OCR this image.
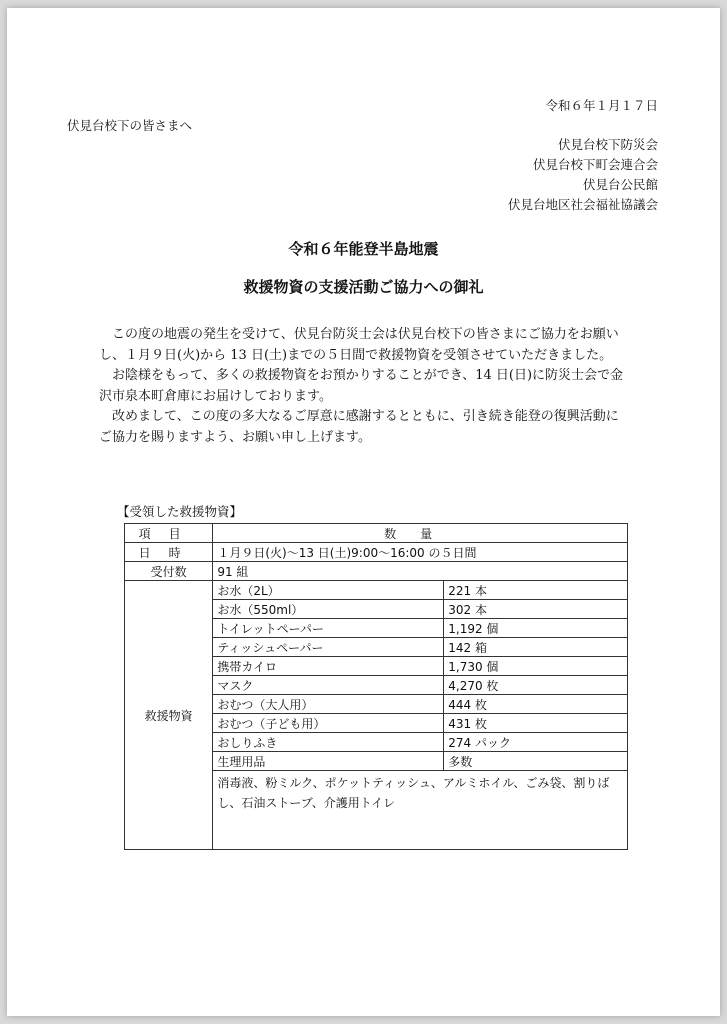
令和６年１月１７日
伏見台校下の皆さまへ
伏見台校下防災会
伏見台校下町会連合会
伏見台公民館
伏見台地区社会福祉協議会
令和６年能登半島地震
救援物資の支援活動ご協力への御礼

この度の地震の発生を受けて、伏見台防災士会は伏見台校下の皆さまにご協力をお願いし、１月９日(火)から 13 日(土)までの５日間で救援物資を受領させていただきました。

お陰様をもって、多くの救援物資をお預かりすることができ、14 日(日)に防災士会で金沢市泉本町倉庫にお届けしております。

改めまして、この度の多大なるご厚意に感謝するとともに、引き続き能登の復興活動にご協力を賜りますよう、お願い申し上げます。

【受領した救援物資】
項目	数量	
日時	１月９日(火)～13 日(土)9:00～16:00 の５日間	
受付数	91 組	
救援物資	お水（2L）	221 本
	お水（550ml）	302 本
	トイレットペーパー	1,192 個
	ティッシュペーパー	142 箱
	携帯カイロ	1,730 個
	マスク	4,270 枚
	おむつ（大人用）	444 枚
	おむつ（子ども用）	431 枚
	おしりふき	274 パック
	生理用品	多数
	消毒液、粉ミルク、ポケットティッシュ、アルミホイル、ごみ袋、割りばし、石油ストーブ、介護用トイレ	
